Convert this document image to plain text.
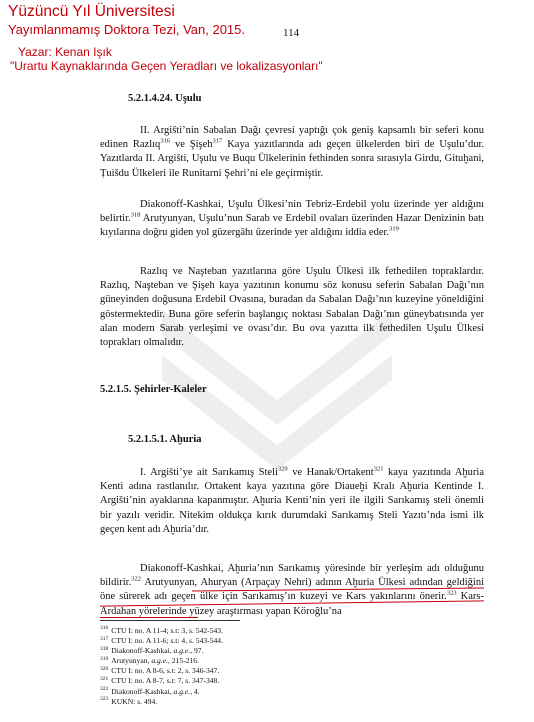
Yüzüncü Yıl Üniversitesi
Yayımlanmamış Doktora Tezi, Van, 2015.
Yazar: Kenan Işık
"Urartu Kaynaklarında Geçen Yeradları ve lokalizasyonları"
114
5.2.1.4.24. Uşulu
II. Argišti’nin Sabalan Dağı çevresi yaptığı çok geniş kapsamlı bir seferi konu edinen Razlıq$^{316}$ ve Şişeh$^{317}$ Kaya yazıtlarında adı geçen ülkelerden biri de Uşulu’dur. Yazıtlarda II. Argišti, Uşulu ve Buqu Ülkelerinin fethinden sonra sırasıyla Girdu, Gituḫani, Ṭuišdu Ülkeleri ile Runitarni Şehri’ni ele geçirmiştir.
Diakonoff-Kashkai, Uşulu Ülkesi’nin Tebriz-Erdebil yolu üzerinde yer aldığını belirtir.$^{318}$ Arutyunyan, Uşulu’nun Sarab ve Erdebil ovaları üzerinden Hazar Denizinin batı kıyılarına doğru giden yol güzergâhı üzerinde yer aldığını iddia eder.$^{319}$
Razlıq ve Naşteban yazıtlarına göre Uşulu Ülkesi ilk fethedilen topraklardır. Razlıq, Naşteban ve Şişeh kaya yazıtının konumu söz konusu seferin Sabalan Dağı’nın güneyinden doğusuna Erdebil Ovasına, buradan da Sabalan Dağı’nın kuzeyine yöneldiğini göstermektedir. Buna göre seferin başlangıç noktası Sabalan Dağı’nın güneybatısında yer alan modern Sarab yerleşimi ve ovası’dır. Bu ova yazıtta ilk fethedilen Uşulu Ülkesi toprakları olmalıdır.
5.2.1.5. Şehirler-Kaleler
5.2.1.5.1. Aḫuria
I. Argišti’ye ait Sarıkamış Steli$^{320}$ ve Hanak/Ortakent$^{321}$ kaya yazıtında Aḫuria Kenti adına rastlanılır. Ortakent kaya yazıtına göre Diaueḫi Kralı Aḫuria Kentinde I. Argišti’nin ayaklarına kapanmıştır. Aḫuria Kenti’nin yeri ile ilgili Sarıkamış steli önemli bir yazılı veridir. Nitekim oldukça kırık durumdaki Sarıkamış Steli Yazıtı’nda ismi ilk geçen kent adı Aḫuria’dır.
Diakonoff-Kashkai, Aḫuria’nın Sarıkamış yöresinde bir yerleşim adı olduğunu bildirir.$^{322}$ Arutyunyan, Ahuryan (Arpaçay Nehri) adının Aḫuria Ülkesi adından geldiğini öne sürerek adı geçen ülke için Sarıkamış’ın kuzeyi ve Kars yakınlarını önerir.$^{323}$ Kars-Ardahan yörelerinde yüzey araştırması yapan Köroğlu’na
$^{316}$ CTU I: no. A 11-4; s.t: 3, s. 542-543.
$^{317}$ CTU I: no. A 11-6; s.t: 4, s. 543-544.
$^{318}$ Diakonoff-Kashkai, a.g.e., 97.
$^{319}$ Arutyunyan, a.g.e., 215-216.
$^{320}$ CTU I: no. A 8-6, s.t: 2, s. 346-347.
$^{321}$ CTU I: no. A 8-7, s.t: 7, s. 347-348.
$^{322}$ Diakonoff-Kashkai, a.g.e., 4.
$^{323}$ KUKN: s. 494.
